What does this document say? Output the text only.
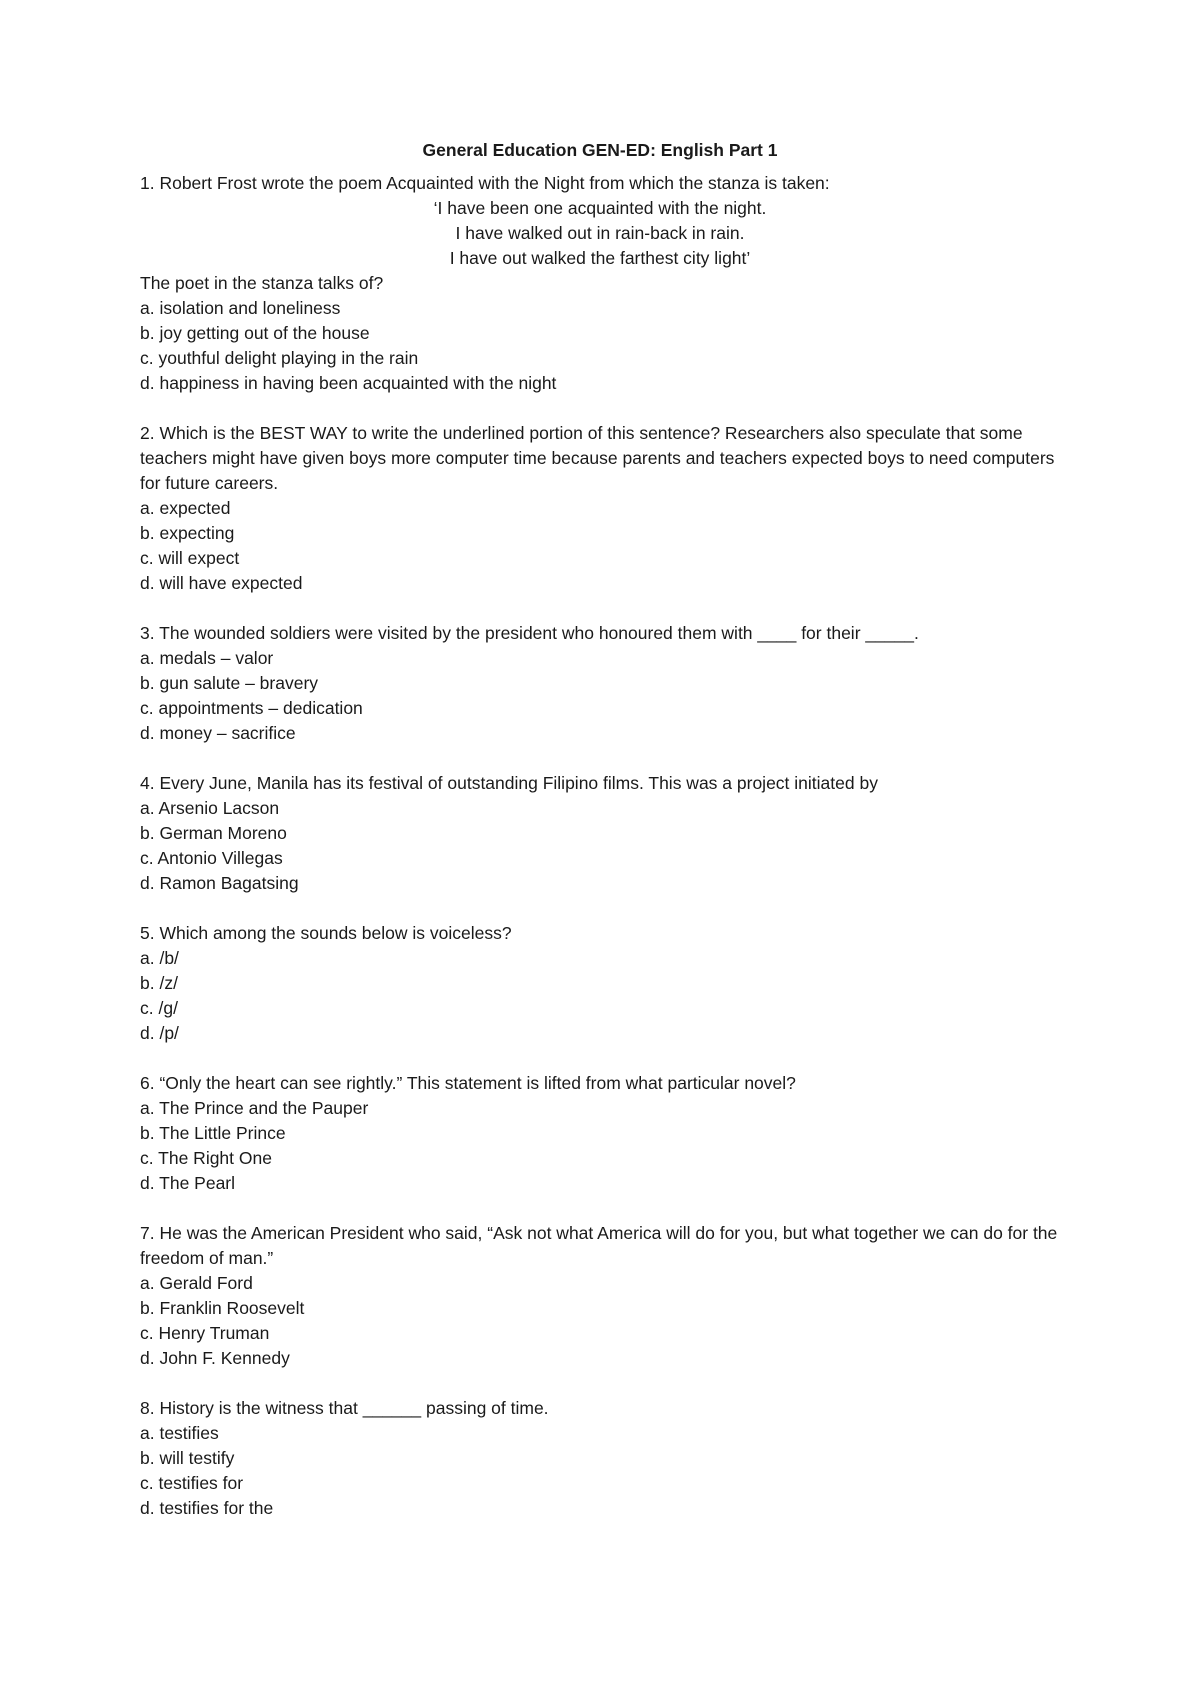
General Education GEN-ED: English Part 1

1. Robert Frost wrote the poem Acquainted with the Night from which the stanza is taken:

‘I have been one acquainted with the night.
I have walked out in rain-back in rain.
I have out walked the farthest city light’

The poet in the stanza talks of?

a. isolation and loneliness
b. joy getting out of the house
c. youthful delight playing in the rain
d. happiness in having been acquainted with the night

2. Which is the BEST WAY to write the underlined portion of this sentence? Researchers also speculate that some teachers might have given boys more computer time because parents and teachers expected boys to need computers for future careers.

a. expected
b. expecting
c. will expect
d. will have expected

3. The wounded soldiers were visited by the president who honoured them with ____ for their _____.

a. medals – valor
b. gun salute – bravery
c. appointments – dedication
d. money – sacrifice

4. Every June, Manila has its festival of outstanding Filipino films. This was a project initiated by

a. Arsenio Lacson
b. German Moreno
c. Antonio Villegas
d. Ramon Bagatsing

5. Which among the sounds below is voiceless?

a. /b/
b. /z/
c. /g/
d. /p/

6. “Only the heart can see rightly.” This statement is lifted from what particular novel?

a. The Prince and the Pauper
b. The Little Prince
c. The Right One
d. The Pearl

7. He was the American President who said, “Ask not what America will do for you, but what together we can do for the freedom of man.”

a. Gerald Ford
b. Franklin Roosevelt
c. Henry Truman
d. John F. Kennedy

8. History is the witness that ______ passing of time.

a. testifies
b. will testify
c. testifies for
d. testifies for the
